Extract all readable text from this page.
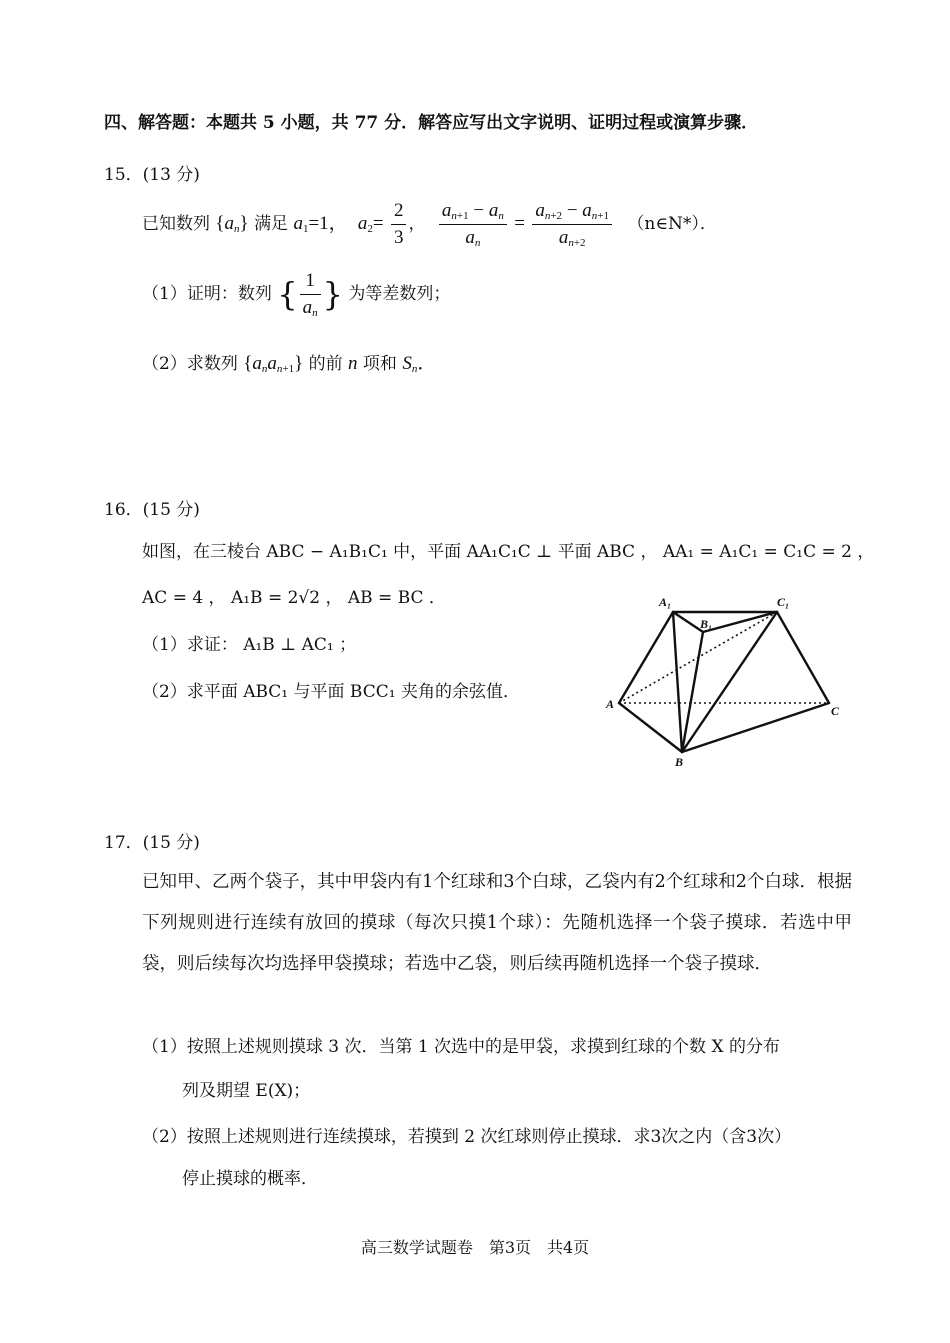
四、解答题：本题共 5 小题，共 77 分．解答应写出文字说明、证明过程或演算步骤．
15．(13 分)
已知数列 $\{a_n\}$ 满足 $a_1=1$， $a_2= \frac{2}{3}$ ， $\frac{a_{n+1} - a_n}{a_n} = \frac{a_{n+2} - a_{n+1}}{a_{n+2}}$ （n∈N*）．
（1）证明：数列 { $\frac{1}{a_n}$ } 为等差数列；
（2）求数列 $\{a_na_{n+1}\}$ 的前 n 项和 $S_n$．
16．(15 分)
如图，在三棱台 ABC − A₁B₁C₁ 中，平面 AA₁C₁C ⊥ 平面 ABC ， AA₁ = A₁C₁ = C₁C = 2 ，
AC = 4 ， A₁B = 2√2 ， AB = BC ．
（1）求证： A₁B ⊥ AC₁ ；
（2）求平面 ABC₁ 与平面 BCC₁ 夹角的余弦值．
A₁
B₁
C₁
A
B
C
17．(15 分)
已知甲、乙两个袋子，其中甲袋内有1个红球和3个白球，乙袋内有2个红球和2个白球．根据下列规则进行连续有放回的摸球（每次只摸1个球）：先随机选择一个袋子摸球．若选中甲袋，则后续每次均选择甲袋摸球；若选中乙袋，则后续再随机选择一个袋子摸球．
（1）按照上述规则摸球 3 次．当第 1 次选中的是甲袋，求摸到红球的个数 X 的分布
列及期望 E(X)；
（2）按照上述规则进行连续摸球，若摸到 2 次红球则停止摸球．求3次之内（含3次）
停止摸球的概率．
高三数学试题卷　第3页　共4页
